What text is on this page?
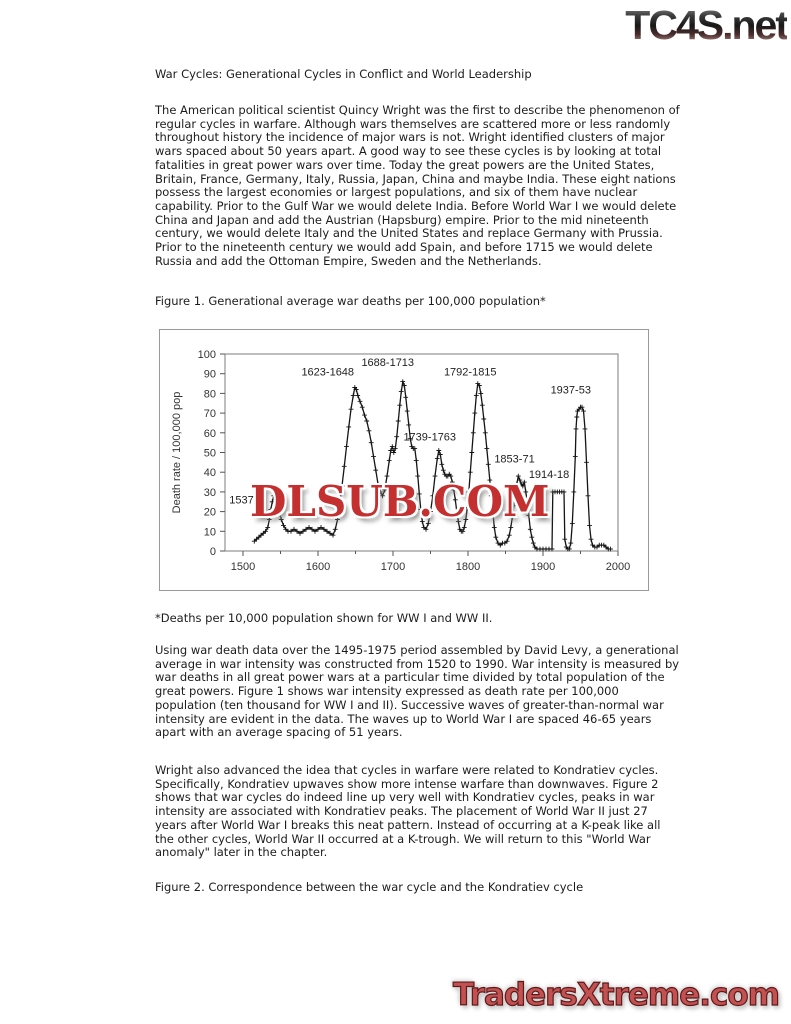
TC4S.net
War Cycles: Generational Cycles in Conflict and World Leadership
The American political scientist Quincy Wright was the first to describe the phenomenon of regular cycles in warfare. Although wars themselves are scattered more or less randomly throughout history the incidence of major wars is not. Wright identified clusters of major wars spaced about 50 years apart. A good way to see these cycles is by looking at total fatalities in great power wars over time. Today the great powers are the United States, Britain, France, Germany, Italy, Russia, Japan, China and maybe India. These eight nations possess the largest economies or largest populations, and six of them have nuclear capability. Prior to the Gulf War we would delete India. Before World War I we would delete China and Japan and add the Austrian (Hapsburg) empire. Prior to the mid nineteenth century, we would delete Italy and the United States and replace Germany with Prussia. Prior to the nineteenth century we would add Spain, and before 1715 we would delete Russia and add the Ottoman Empire, Sweden and the Netherlands.
Figure 1. Generational average war deaths per 100,000 population*
1500	1600	1700	1800	1900	2000
0
10
20
30
40
50
60
70
80
90
100
Death rate / 100,000 pop	1537
1623-1648
1688-1713
1739-1763
1792-1815
1853-71
1914-18
1937-53
DLSUB.COM
*Deaths per 10,000 population shown for WW I and WW II.
Using war death data over the 1495-1975 period assembled by David Levy, a generational average in war intensity was constructed from 1520 to 1990. War intensity is measured by war deaths in all great power wars at a particular time divided by total population of the great powers. Figure 1 shows war intensity expressed as death rate per 100,000 population (ten thousand for WW I and II). Successive waves of greater-than-normal war intensity are evident in the data. The waves up to World War I are spaced 46-65 years apart with an average spacing of 51 years.
Wright also advanced the idea that cycles in warfare were related to Kondratiev cycles. Specifically, Kondratiev upwaves show more intense warfare than downwaves. Figure 2 shows that war cycles do indeed line up very well with Kondratiev cycles, peaks in war intensity are associated with Kondratiev peaks. The placement of World War II just 27 years after World War I breaks this neat pattern. Instead of occurring at a K-peak like all the other cycles, World War II occurred at a K-trough. We will return to this "World War anomaly" later in the chapter.
Figure 2. Correspondence between the war cycle and the Kondratiev cycle
TradersXtreme.com
